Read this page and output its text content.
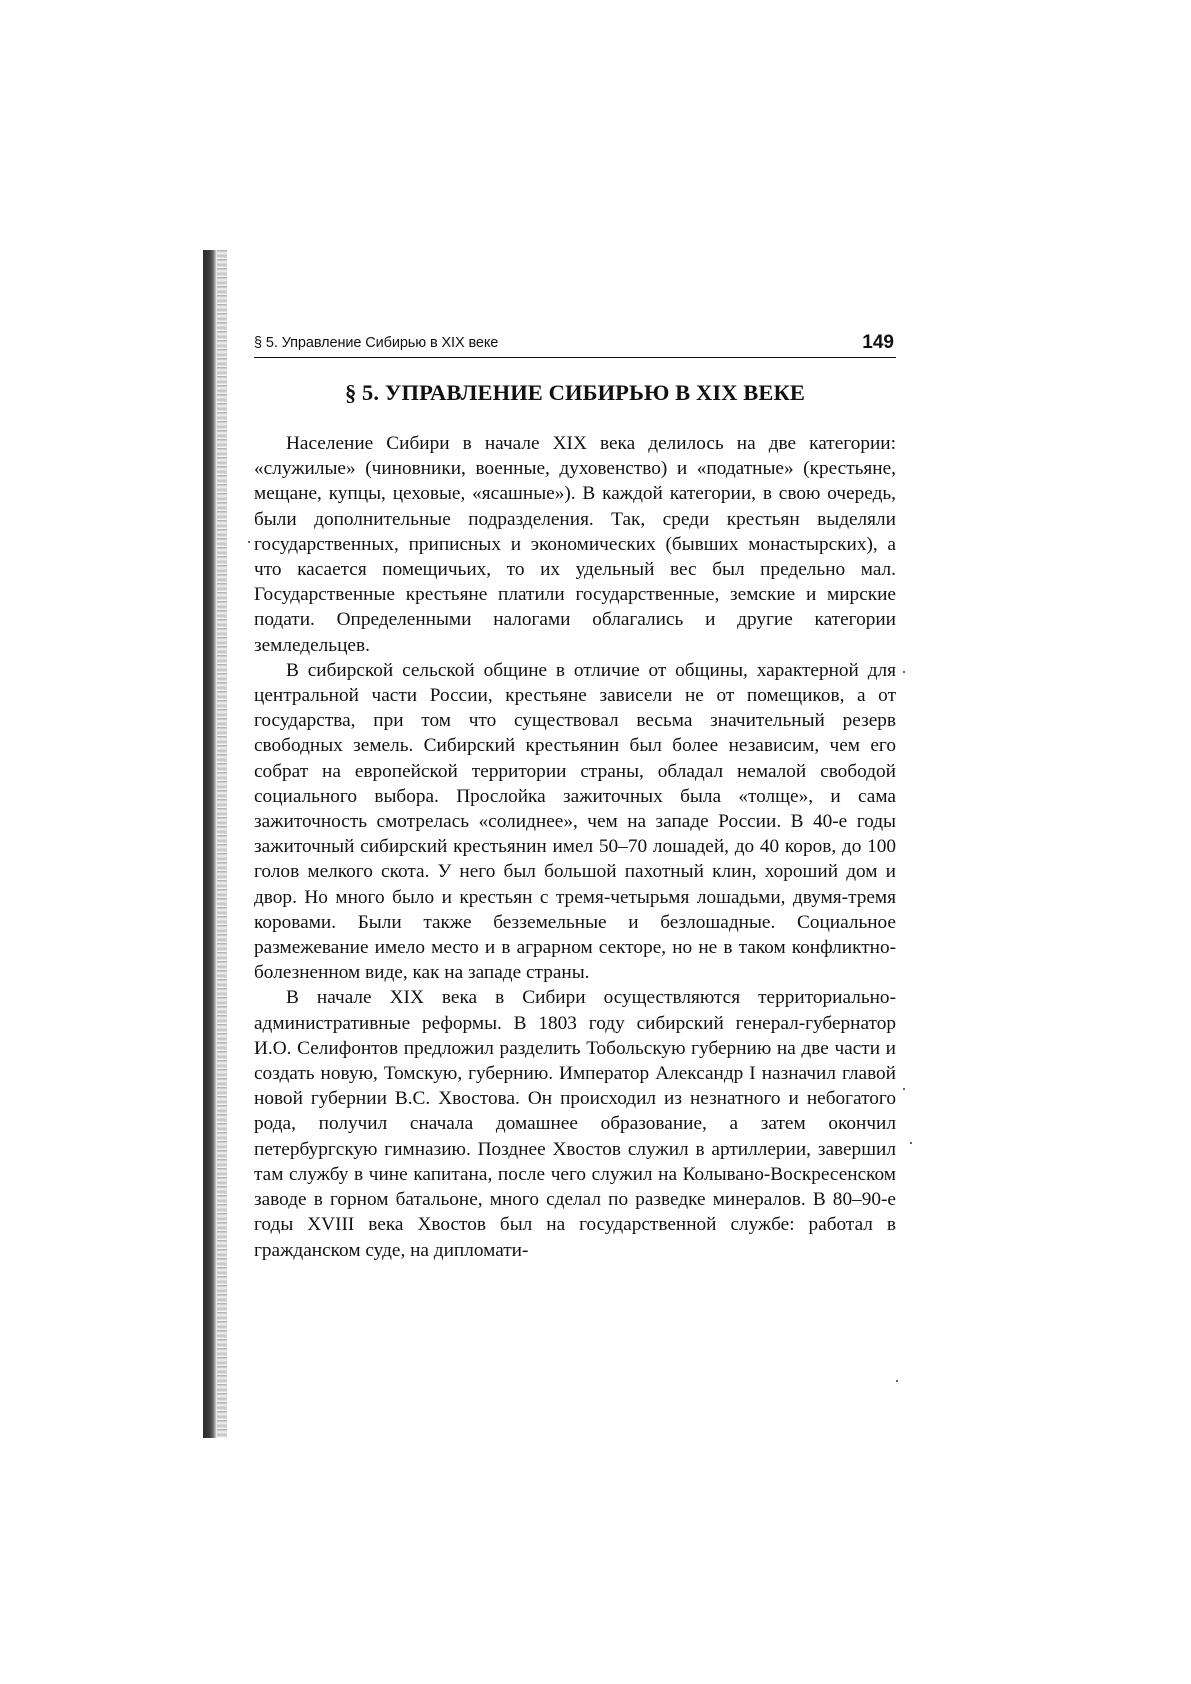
§ 5. Управление Сибирью в XIX веке	149
§ 5. УПРАВЛЕНИЕ СИБИРЬЮ В XIX ВЕКЕ

Население Сибири в начале XIX века делилось на две категории: «служилые» (чиновники, военные, духовенство) и «податные» (крестьяне, мещане, купцы, цеховые, «ясашные»). В каждой категории, в свою очередь, были дополнительные подразделения. Так, среди крестьян выделяли государственных, приписных и экономических (бывших монастырских), а что касается помещичьих, то их удельный вес был предельно мал. Государственные крестьяне платили государственные, земские и мирские подати. Определенными налогами облагались и другие категории земледельцев.

В сибирской сельской общине в отличие от общины, характерной для центральной части России, крестьяне зависели не от помещиков, а от государства, при том что существовал весьма значительный резерв свободных земель. Сибирский крестьянин был более независим, чем его собрат на европейской территории страны, обладал немалой свободой социального выбора. Прослойка зажиточных была «толще», и сама зажиточность смотрелась «солиднее», чем на западе России. В 40-е годы зажиточный сибирский крестьянин имел 50–70 лошадей, до 40 коров, до 100 голов мелкого скота. У него был большой пахотный клин, хороший дом и двор. Но много было и крестьян с тремя-четырьмя лошадьми, двумя-тремя коровами. Были также безземельные и безлошадные. Социальное размежевание имело место и в аграрном секторе, но не в таком конфликтно-болезненном виде, как на западе страны.

В начале XIX века в Сибири осуществляются территориально-административные реформы. В 1803 году сибирский генерал-губернатор И.О. Селифонтов предложил разделить Тобольскую губернию на две части и создать новую, Томскую, губернию. Император Александр I назначил главой новой губернии В.С. Хвостова. Он происходил из незнатного и небогатого рода, получил сначала домашнее образование, а затем окончил петербургскую гимназию. Позднее Хвостов служил в артиллерии, завершил там службу в чине капитана, после чего служил на Колывано-Воскресенском заводе в горном батальоне, много сделал по разведке минералов. В 80–90-е годы XVIII века Хвостов был на государственной службе: работал в гражданском суде, на дипломати-
